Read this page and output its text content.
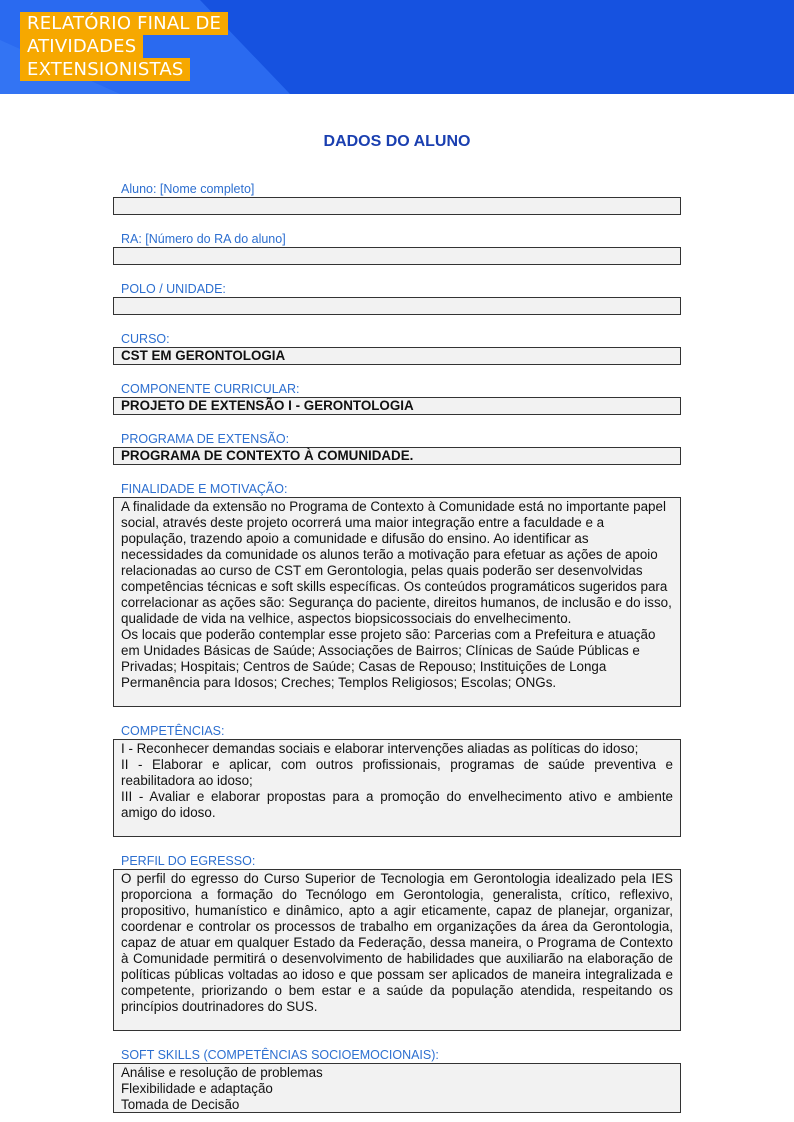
RELATÓRIO FINAL DE
ATIVIDADES
EXTENSIONISTAS
DADOS DO ALUNO
Aluno: [Nome completo]
RA: [Número do RA do aluno]
POLO / UNIDADE:
CURSO:
CST EM GERONTOLOGIA
COMPONENTE CURRICULAR:
PROJETO DE EXTENSÃO I - GERONTOLOGIA
PROGRAMA DE EXTENSÃO:
PROGRAMA DE CONTEXTO À COMUNIDADE.
FINALIDADE E MOTIVAÇÃO:
A finalidade da extensão no Programa de Contexto à Comunidade está no importante papel social, através deste projeto ocorrerá uma maior integração entre a faculdade e a população, trazendo apoio a comunidade e difusão do ensino. Ao identificar as necessidades da comunidade os alunos terão a motivação para efetuar as ações de apoio relacionadas ao curso de CST em Gerontologia, pelas quais poderão ser desenvolvidas competências técnicas e soft skills específicas. Os conteúdos programáticos sugeridos para correlacionar as ações são: Segurança do paciente, direitos humanos, de inclusão e do isso, qualidade de vida na velhice, aspectos biopsicossociais do envelhecimento.
Os locais que poderão contemplar esse projeto são: Parcerias com a Prefeitura e atuação em Unidades Básicas de Saúde; Associações de Bairros; Clínicas de Saúde Públicas e Privadas; Hospitais; Centros de Saúde; Casas de Repouso; Instituições de Longa Permanência para Idosos; Creches; Templos Religiosos; Escolas; ONGs.
COMPETÊNCIAS:
I - Reconhecer demandas sociais e elaborar intervenções aliadas as políticas do idoso;
II - Elaborar e aplicar, com outros profissionais, programas de saúde preventiva e reabilitadora ao idoso;
III - Avaliar e elaborar propostas para a promoção do envelhecimento ativo e ambiente amigo do idoso.
PERFIL DO EGRESSO:
O perfil do egresso do Curso Superior de Tecnologia em Gerontologia idealizado pela IES proporciona a formação do Tecnólogo em Gerontologia, generalista, crítico, reflexivo, propositivo, humanístico e dinâmico, apto a agir eticamente, capaz de planejar, organizar, coordenar e controlar os processos de trabalho em organizações da área da Gerontologia, capaz de atuar em qualquer Estado da Federação, dessa maneira, o Programa de Contexto à Comunidade permitirá o desenvolvimento de habilidades que auxiliarão na elaboração de políticas públicas voltadas ao idoso e que possam ser aplicados de maneira integralizada e competente, priorizando o bem estar e a saúde da população atendida, respeitando os princípios doutrinadores do SUS.
SOFT SKILLS (COMPETÊNCIAS SOCIOEMOCIONAIS):
Análise e resolução de problemas
Flexibilidade e adaptação
Tomada de Decisão
